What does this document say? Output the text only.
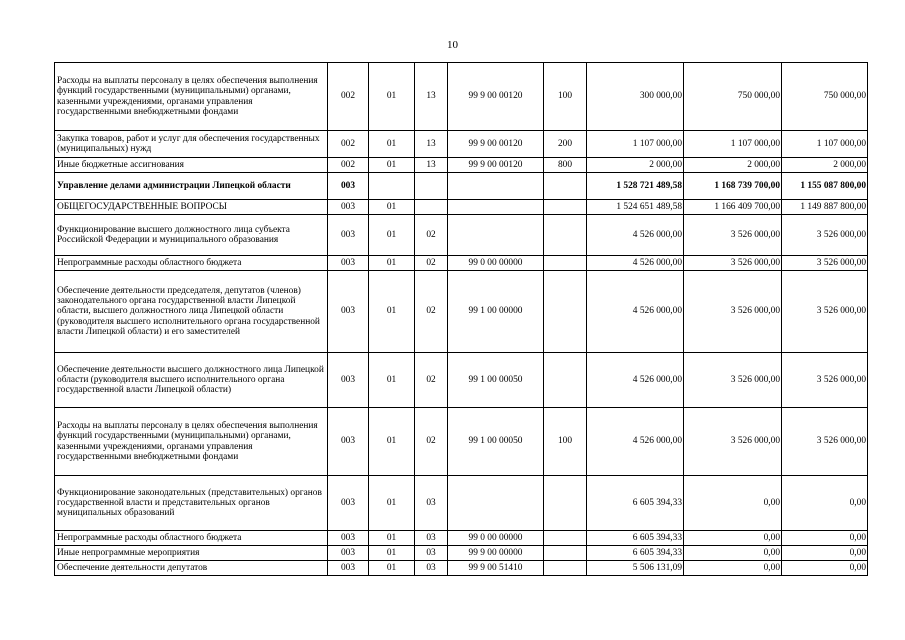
10
Расходы на выплаты персоналу в целях обеспечения выполнения функций государственными (муниципальными) органами, казенными учреждениями, органами управления государственными внебюджетными фондами	002	01	13	99 9 00 00120	100	300 000,00	750 000,00	750 000,00
Закупка товаров, работ и услуг для обеспечения государственных (муниципальных) нужд	002	01	13	99 9 00 00120	200	1 107 000,00	1 107 000,00	1 107 000,00
Иные бюджетные ассигнования	002	01	13	99 9 00 00120	800	2 000,00	2 000,00	2 000,00
Управление делами администрации Липецкой области	003					1 528 721 489,58	1 168 739 700,00	1 155 087 800,00
ОБЩЕГОСУДАРСТВЕННЫЕ ВОПРОСЫ	003	01				1 524 651 489,58	1 166 409 700,00	1 149 887 800,00
Функционирование высшего должностного лица субъекта Российской Федерации и муниципального образования	003	01	02			4 526 000,00	3 526 000,00	3 526 000,00
Непрограммные расходы областного бюджета	003	01	02	99 0 00 00000		4 526 000,00	3 526 000,00	3 526 000,00
Обеспечение деятельности председателя, депутатов (членов) законодательного органа государственной власти Липецкой области, высшего должностного лица Липецкой области (руководителя высшего исполнительного органа государственной власти Липецкой области) и его заместителей	003	01	02	99 1 00 00000		4 526 000,00	3 526 000,00	3 526 000,00
Обеспечение деятельности высшего должностного лица Липецкой области (руководителя высшего исполнительного органа государственной власти Липецкой области)	003	01	02	99 1 00 00050		4 526 000,00	3 526 000,00	3 526 000,00
Расходы на выплаты персоналу в целях обеспечения выполнения функций государственными (муниципальными) органами, казенными учреждениями, органами управления государственными внебюджетными фондами	003	01	02	99 1 00 00050	100	4 526 000,00	3 526 000,00	3 526 000,00
Функционирование законодательных (представительных) органов государственной власти и представительных органов муниципальных образований	003	01	03			6 605 394,33	0,00	0,00
Непрограммные расходы областного бюджета	003	01	03	99 0 00 00000		6 605 394,33	0,00	0,00
Иные непрограммные мероприятия	003	01	03	99 9 00 00000		6 605 394,33	0,00	0,00
Обеспечение деятельности депутатов	003	01	03	99 9 00 51410		5 506 131,09	0,00	0,00
